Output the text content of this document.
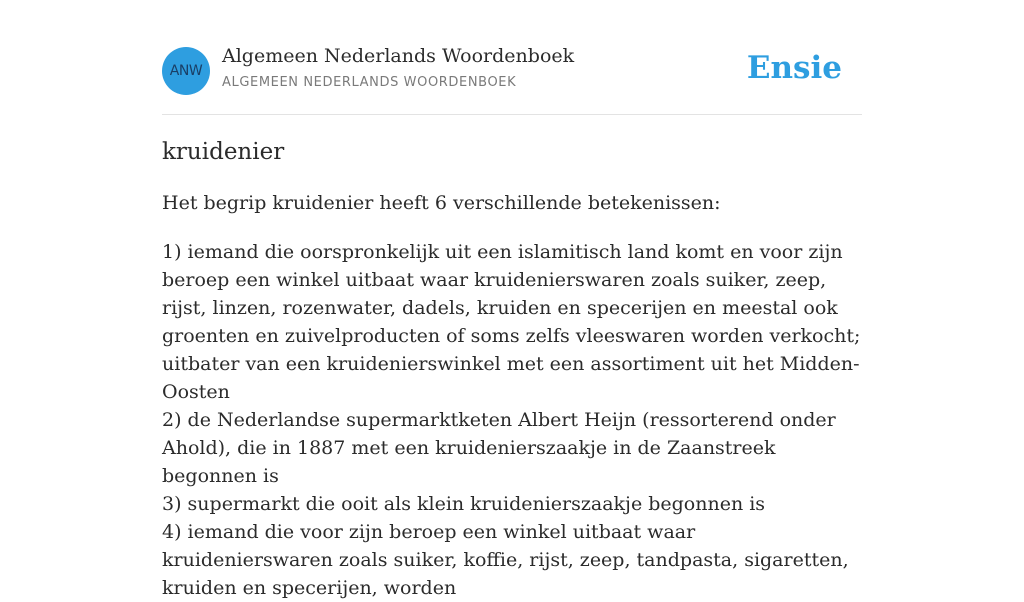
ANW
Algemeen Nederlands Woordenboek
ALGEMEEN NEDERLANDS WOORDENBOEK	Ensie
kruidenier
Het begrip kruidenier heeft 6 verschillende betekenissen:
1) iemand die oorspronkelijk uit een islamitisch land komt en voor zijn beroep een winkel uitbaat waar kruidenierswaren zoals suiker, zeep, rijst, linzen, rozenwater, dadels, kruiden en specerijen en meestal ook groenten en zuivelproducten of soms zelfs vleeswaren worden verkocht; uitbater van een kruidenierswinkel met een assortiment uit het Midden-Oosten
2) de Nederlandse supermarktketen Albert Heijn (ressorterend onder Ahold), die in 1887 met een kruidenierszaakje in de Zaanstreek begonnen is
3) supermarkt die ooit als klein kruidenierszaakje begonnen is
4) iemand die voor zijn beroep een winkel uitbaat waar kruidenierswaren zoals suiker, koffie, rijst, zeep, tandpasta, sigaretten, kruiden en specerijen, worden
